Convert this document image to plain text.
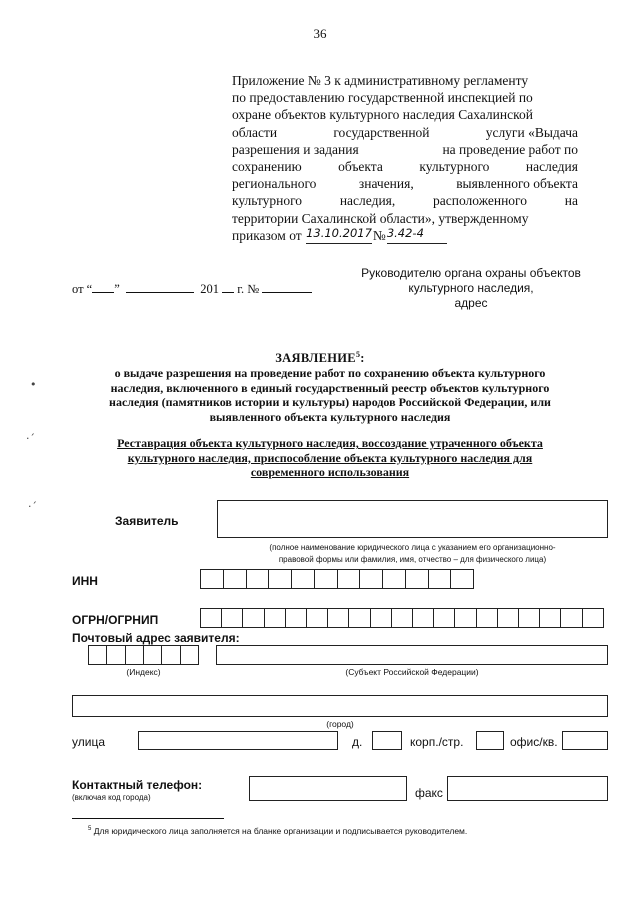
36
Приложение № 3 к административному регламенту
по предоставлению государственной инспекцией по
охране объектов культурного наследия Сахалинской
области	государственной	услуги «Выдача
разрешения и задания	на проведение работ по
сохранению	объекта	культурного	наследия
регионального	значения,	выявленного объекта
культурного	наследия,	расположенного	на
территории Сахалинской области», утвержденному
приказом от
13.10.2017 № 3.42-4
от “ ”	201 г. №
Руководителю органа охраны объектов
культурного наследия,
адрес
ЗАЯВЛЕНИЕ$^5$:
о выдаче разрешения на проведение работ по сохранению объекта культурного
наследия, включенного в единый государственный реестр объектов культурного
наследия (памятников истории и культуры) народов Российской Федерации, или
выявленного объекта культурного наследия
Реставрация объекта культурного наследия, воссоздание утраченного объекта
культурного наследия, приспособление объекта культурного наследия для
современного использования
•
·ˊ
·ˊ
Заявитель
(полное наименование юридического лица с указанием его организационно-
правовой формы или фамилия, имя, отчество – для физического лица)
ИНН
ОГРН/ОГРНИП
Почтовый адрес заявителя:
(Индекс)	(Субъект Российской Федерации)
(город)
улица	д.	корп./стр.	офис/кв.
Контактный телефон:
(включая код города)	факс
$^5$ Для юридического лица заполняется на бланке организации и подписывается руководителем.
